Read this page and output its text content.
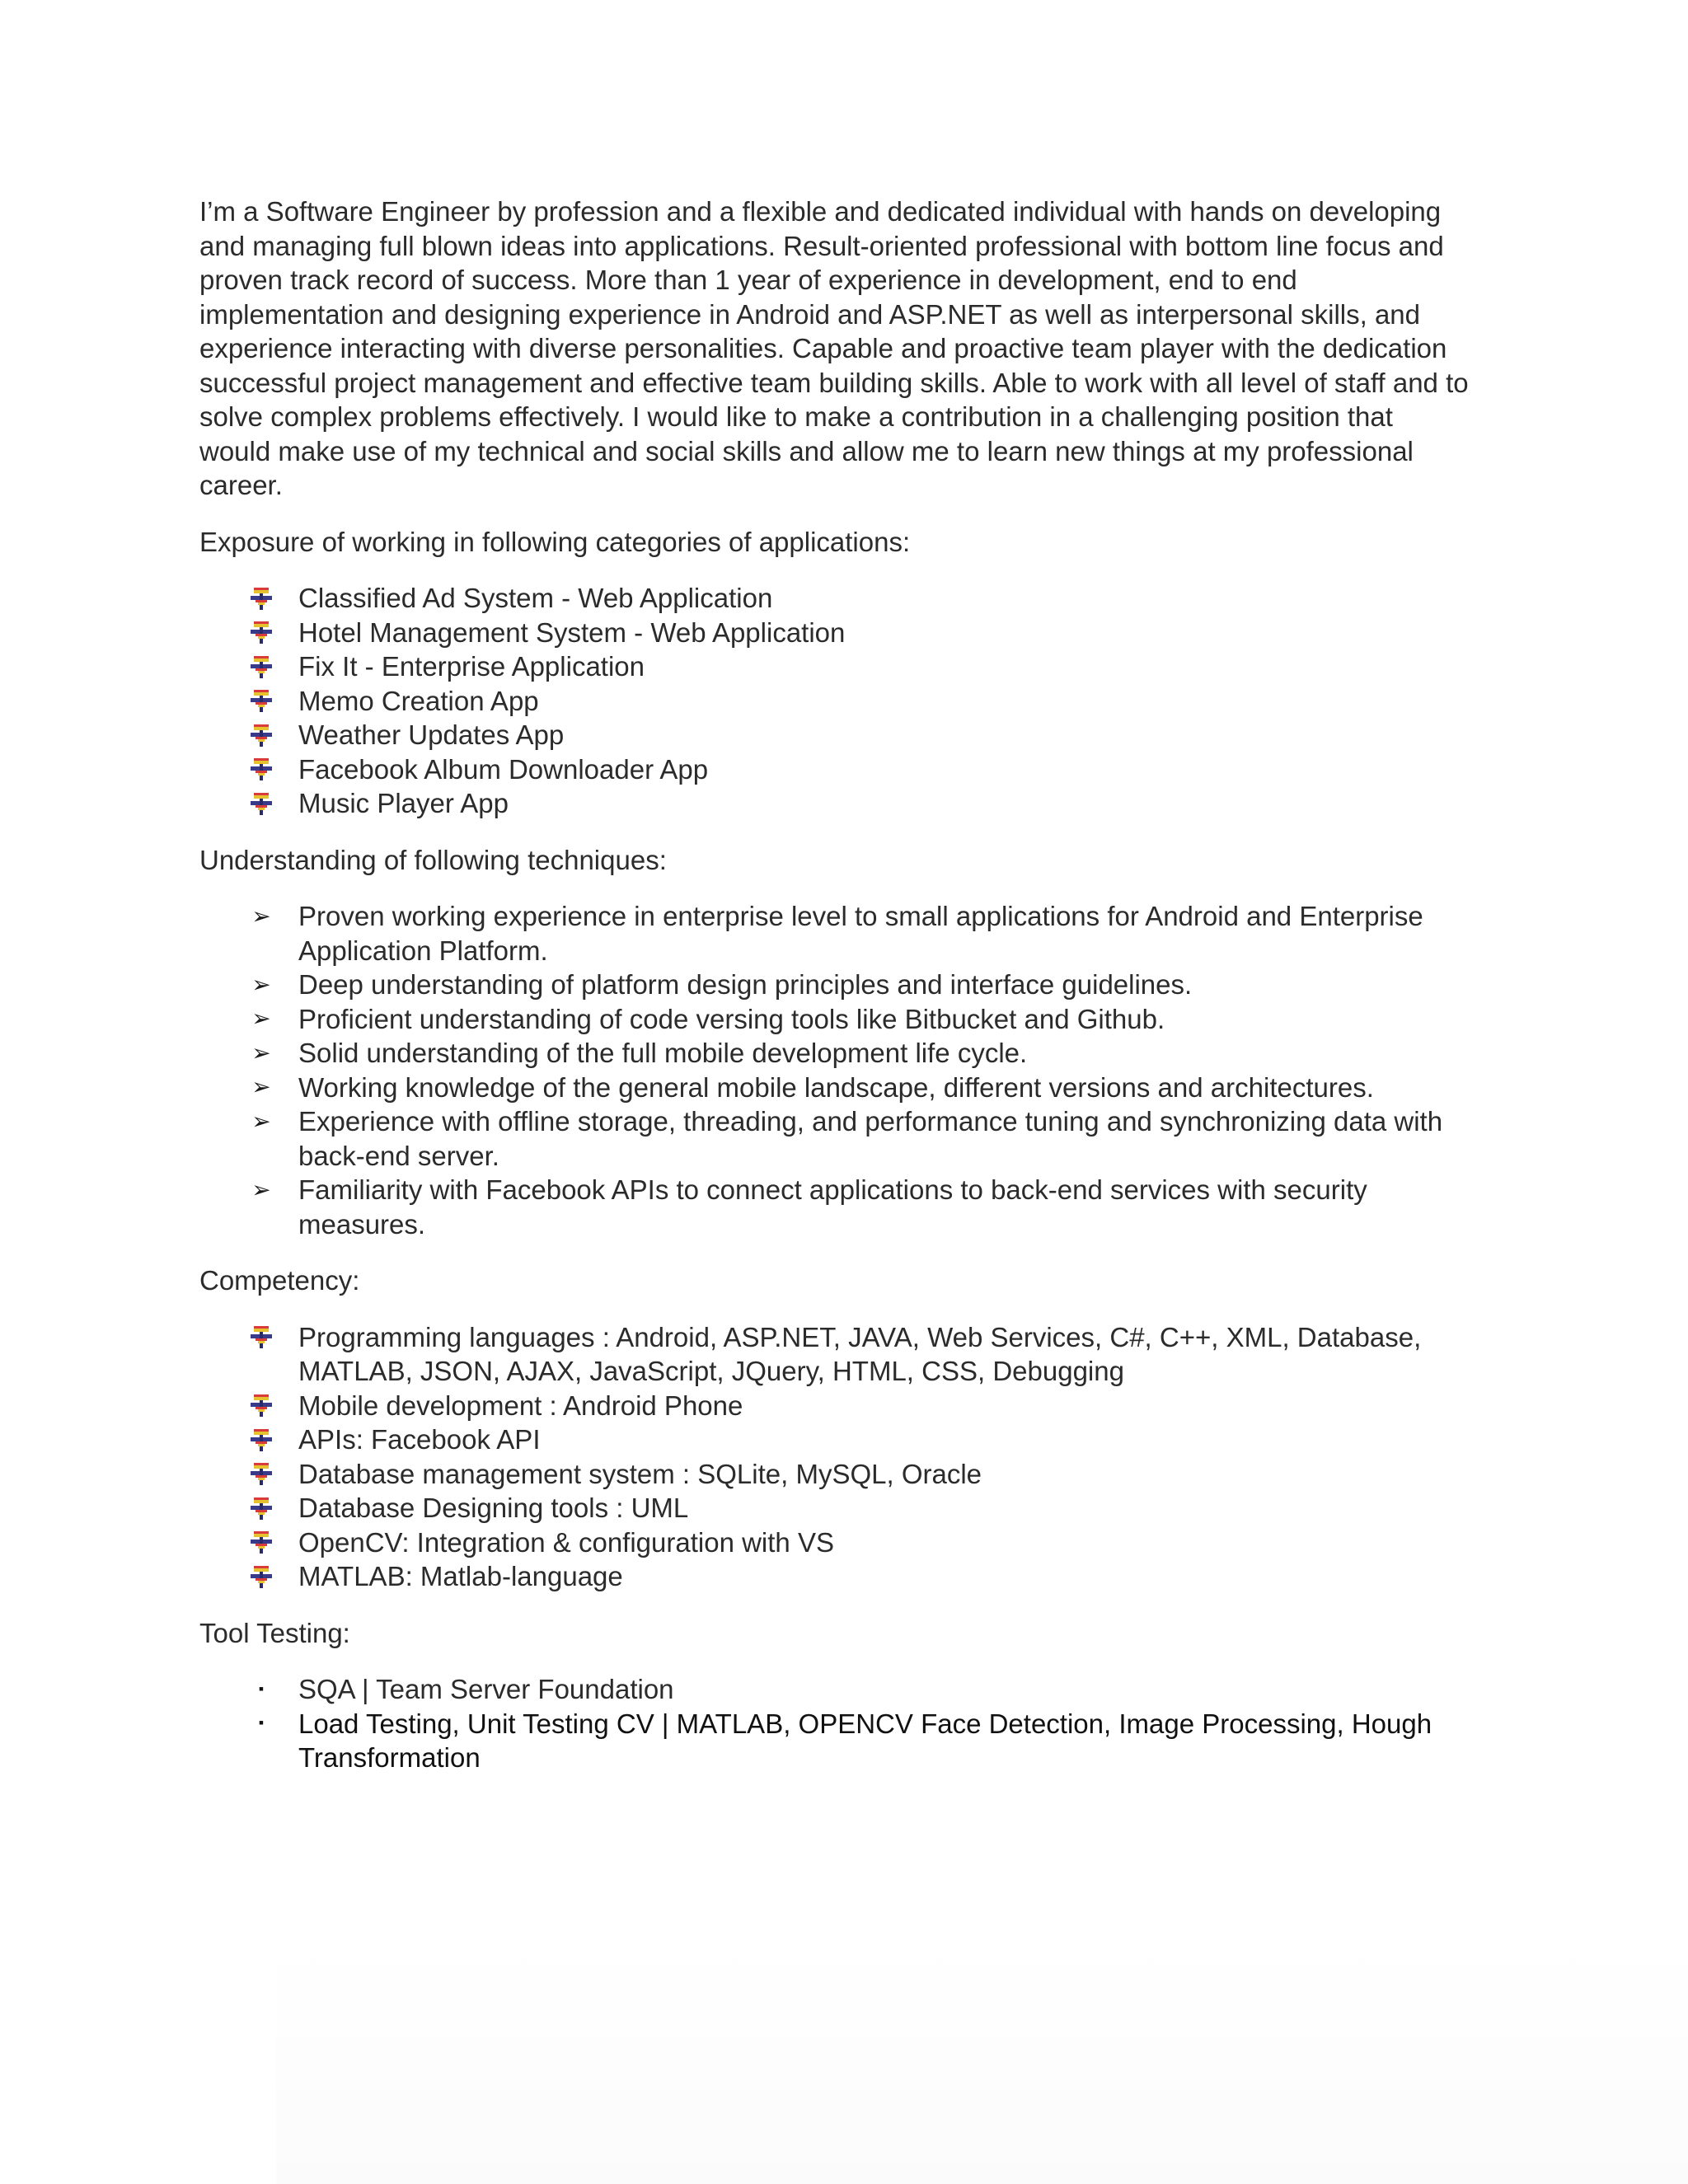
I’m a Software Engineer by profession and a flexible and dedicated individual with hands on developing
and managing full blown ideas into applications. Result-oriented professional with bottom line focus and
proven track record of success. More than 1 year of experience in development, end to end
implementation and designing experience in Android and ASP.NET as well as interpersonal skills, and
experience interacting with diverse personalities. Capable and proactive team player with the dedication
successful project management and effective team building skills. Able to work with all level of staff and to
solve complex problems effectively. I would like to make a contribution in a challenging position that
would make use of my technical and social skills and allow me to learn new things at my professional
career.

Exposure of working in following categories of applications:

Classified Ad System - Web Application
Hotel Management System - Web Application
Fix It - Enterprise Application
Memo Creation App
Weather Updates App
Facebook Album Downloader App
Music Player App

Understanding of following techniques:

➢ Proven working experience in enterprise level to small applications for Android and Enterprise
Application Platform.
➢ Deep understanding of platform design principles and interface guidelines.
➢ Proficient understanding of code versing tools like Bitbucket and Github.
➢ Solid understanding of the full mobile development life cycle.
➢ Working knowledge of the general mobile landscape, different versions and architectures.
➢ Experience with offline storage, threading, and performance tuning and synchronizing data with
back-end server.
➢ Familiarity with Facebook APIs to connect applications to back-end services with security
measures.

Competency:

Programming languages : Android, ASP.NET, JAVA, Web Services, C#, C++, XML, Database,
MATLAB, JSON, AJAX, JavaScript, JQuery, HTML, CSS, Debugging
Mobile development : Android Phone
APIs: Facebook API
Database management system : SQLite, MySQL, Oracle
Database Designing tools : UML
OpenCV: Integration & configuration with VS
MATLAB: Matlab-language

Tool Testing:

▪	SQA | Team Server Foundation
▪	Load Testing, Unit Testing CV | MATLAB, OPENCV Face Detection, Image Processing, Hough
Transformation
